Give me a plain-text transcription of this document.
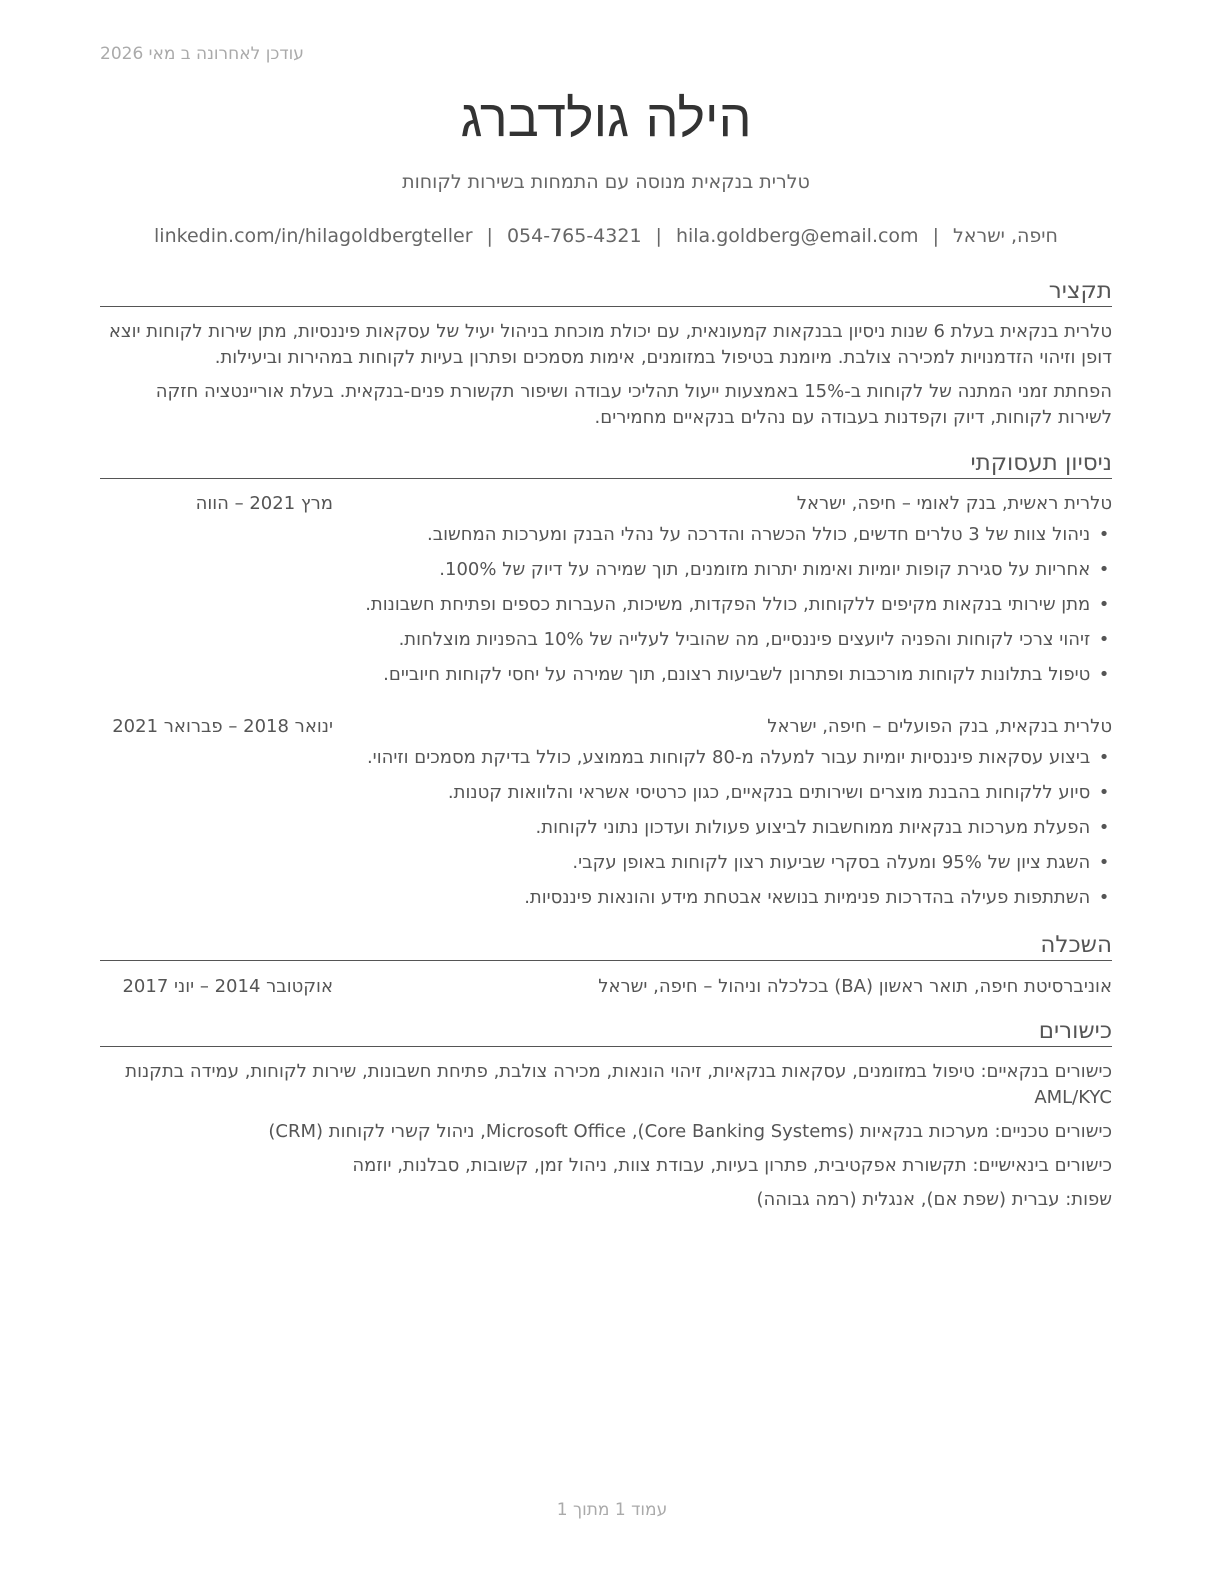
עודכן לאחרונה ב מאי 2026
הילה גולדברג
טלרית בנקאית מנוסה עם התמחות בשירות לקוחות
חיפה, ישראל|hila.goldberg@email.com|054-765-4321|linkedin.com/in/hilagoldbergteller
תקציר
טלרית בנקאית בעלת 6 שנות ניסיון בבנקאות קמעונאית, עם יכולת מוכחת בניהול יעיל של עסקאות פיננסיות, מתן שירות לקוחות יוצא דופן וזיהוי הזדמנויות למכירה צולבת. מיומנת בטיפול במזומנים, אימות מסמכים ופתרון בעיות לקוחות במהירות וביעילות.
הפחתת זמני המתנה של לקוחות ב-15% באמצעות ייעול תהליכי עבודה ושיפור תקשורת פנים-בנקאית. בעלת אוריינטציה חזקה לשירות לקוחות, דיוק וקפדנות בעבודה עם נהלים בנקאיים מחמירים.
ניסיון תעסוקתי
טלרית ראשית, בנק לאומי – חיפה, ישראל
מרץ 2021 – הווה
• ניהול צוות של 3 טלרים חדשים, כולל הכשרה והדרכה על נהלי הבנק ומערכות המחשוב.
• אחריות על סגירת קופות יומיות ואימות יתרות מזומנים, תוך שמירה על דיוק של 100%.
• מתן שירותי בנקאות מקיפים ללקוחות, כולל הפקדות, משיכות, העברות כספים ופתיחת חשבונות.
• זיהוי צרכי לקוחות והפניה ליועצים פיננסיים, מה שהוביל לעלייה של 10% בהפניות מוצלחות.
• טיפול בתלונות לקוחות מורכבות ופתרונן לשביעות רצונם, תוך שמירה על יחסי לקוחות חיוביים.
טלרית בנקאית, בנק הפועלים – חיפה, ישראל
ינואר 2018 – פברואר 2021
• ביצוע עסקאות פיננסיות יומיות עבור למעלה מ-80 לקוחות בממוצע, כולל בדיקת מסמכים וזיהוי.
• סיוע ללקוחות בהבנת מוצרים ושירותים בנקאיים, כגון כרטיסי אשראי והלוואות קטנות.
• הפעלת מערכות בנקאיות ממוחשבות לביצוע פעולות ועדכון נתוני לקוחות.
• השגת ציון של 95% ומעלה בסקרי שביעות רצון לקוחות באופן עקבי.
• השתתפות פעילה בהדרכות פנימיות בנושאי אבטחת מידע והונאות פיננסיות.
השכלה
אוניברסיטת חיפה, תואר ראשון (BA) בכלכלה וניהול – חיפה, ישראל
אוקטובר 2014 – יוני 2017
כישורים
כישורים בנקאיים: טיפול במזומנים, עסקאות בנקאיות, זיהוי הונאות, מכירה צולבת, פתיחת חשבונות, שירות לקוחות, עמידה בתקנות AML/KYC
כישורים טכניים: מערכות בנקאיות (Core Banking Systems), Microsoft Office, ניהול קשרי לקוחות (CRM)
כישורים בינאישיים: תקשורת אפקטיבית, פתרון בעיות, עבודת צוות, ניהול זמן, קשובות, סבלנות, יוזמה
שפות: עברית (שפת אם), אנגלית (רמה גבוהה)
עמוד 1 מתוך 1
